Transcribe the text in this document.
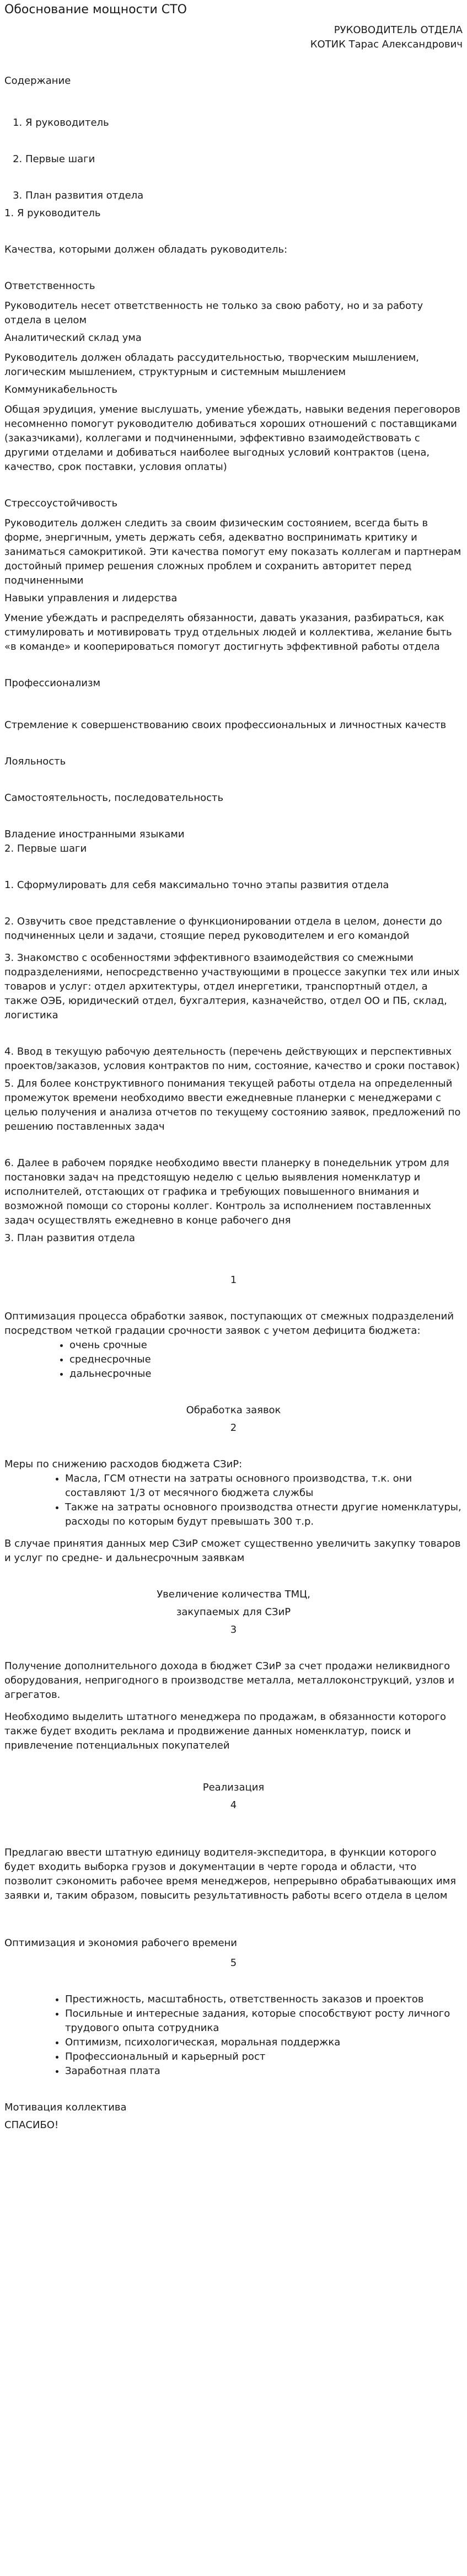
Обоснование мощности СТО

РУКОВОДИТЕЛЬ ОТДЕЛА

КОТИК Тарас Александрович

Содержание

1. Я руководитель
2. Первые шаги
3. План развития отдела

1. Я руководитель

Качества, которыми должен обладать руководитель:

Ответственность

Руководитель несет ответственность не только за свою работу, но и за работу отдела в целом

Аналитический склад ума

Руководитель должен обладать рассудительностью, творческим мышлением, логическим мышлением, структурным и системным мышлением

Коммуникабельность

Общая эрудиция, умение выслушать, умение убеждать, навыки ведения переговоров несомненно помогут руководителю добиваться хороших отношений с поставщиками (заказчиками), коллегами и подчиненными, эффективно взаимодействовать с другими отделами и добиваться наиболее выгодных условий контрактов (цена, качество, срок поставки, условия оплаты)

Стрессоустойчивость

Руководитель должен следить за своим физическим состоянием, всегда быть в форме, энергичным, уметь держать себя, адекватно воспринимать критику и заниматься самокритикой. Эти качества помогут ему показать коллегам и партнерам достойный пример решения сложных проблем и сохранить авторитет перед подчиненными

Навыки управления и лидерства

Умение убеждать и распределять обязанности, давать указания, разбираться, как стимулировать и мотивировать труд отдельных людей и коллектива, желание быть «в команде» и кооперироваться помогут достигнуть эффективной работы отдела

Профессионализм

Стремление к совершенствованию своих профессиональных и личностных качеств

Лояльность

Самостоятельность, последовательность

Владение иностранными языками

2. Первые шаги

1. Сформулировать для себя максимально точно этапы развития отдела

2. Озвучить свое представление о функционировании отдела в целом, донести до подчиненных цели и задачи, стоящие перед руководителем и его командой

3. Знакомство с особенностями эффективного взаимодействия со смежными подразделениями, непосредственно участвующими в процессе закупки тех или иных товаров и услуг: отдел архитектуры, отдел инергетики, транспортный отдел, а также ОЭБ, юридический отдел, бухгалтерия, казначейство, отдел ОО и ПБ, склад, логистика

4. Ввод в текущую рабочую деятельность (перечень действующих и перспективных проектов/заказов, условия контрактов по ним, состояние, качество и сроки поставок)

5. Для более конструктивного понимания текущей работы отдела на определенный промежуток времени необходимо ввести ежедневные планерки с менеджерами с целью получения и анализа отчетов по текущему состоянию заявок, предложений по решению поставленных задач

6. Далее в рабочем порядке необходимо ввести планерку в понедельник утром для постановки задач на предстоящую неделю с целью выявления номенклатур и исполнителей, отстающих от графика и требующих повышенного внимания и возможной помощи со стороны коллег. Контроль за исполнением поставленных задач осуществлять ежедневно в конце рабочего дня

3. План развития отдела

1

Оптимизация процесса обработки заявок, поступающих от смежных подразделений посредством четкой градации срочности заявок с учетом дефицита бюджета:

• очень срочные
• среднесрочные
• дальнесрочные

Обработка заявок

2

Меры по снижению расходов бюджета СЗиР:

• Масла, ГСМ отнести на затраты основного производства, т.к. они составляют 1/3 от месячного бюджета службы
• Также на затраты основного производства отнести другие номенклатуры, расходы по которым будут превышать 300 т.р.

В случае принятия данных мер СЗиР сможет существенно увеличить закупку товаров и услуг по средне- и дальнесрочным заявкам

Увеличение количества ТМЦ,

закупаемых для СЗиР

3

Получение дополнительного дохода в бюджет СЗиР за счет продажи неликвидного оборудования, непригодного в производстве металла, металлоконструкций, узлов и агрегатов.

Необходимо выделить штатного менеджера по продажам, в обязанности которого также будет входить реклама и продвижение данных номенклатур, поиск и привлечение потенциальных покупателей

Реализация

4

Предлагаю ввести штатную единицу водителя-экспедитора, в функции которого будет входить выборка грузов и документации в черте города и области, что позволит сэкономить рабочее время менеджеров, непрерывно обрабатывающих имя заявки и, таким образом, повысить результативность работы всего отдела в целом

Оптимизация и экономия рабочего времени

5

• Престижность, масштабность, ответственность заказов и проектов
• Посильные и интересные задания, которые способствуют росту личного трудового опыта сотрудника
• Оптимизм, психологическая, моральная поддержка
• Профессиональный и карьерный рост
• Заработная плата

Мотивация коллектива

СПАСИБО!
